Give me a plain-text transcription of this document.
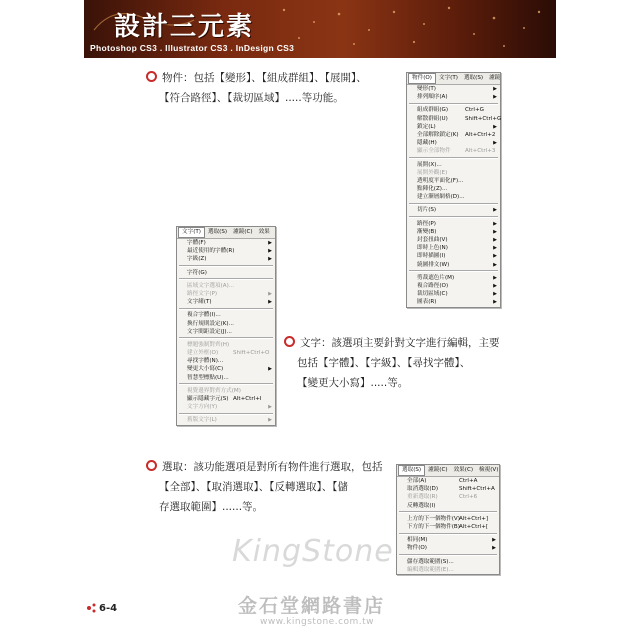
設計三元素
Photoshop CS3 . Illustrator CS3 . InDesign CS3
物件：包括【變形】、【組成群組】、【展開】、
【符合路徑】、【裁切區域】.....等功能。
物件(O)	文字(T)	選取(S)	濾鏡
變形(T)	▶
排列順序(A)	▶
組成群組(G)	Ctrl+G
解散群組(U)	Shift+Ctrl+G
鎖定(L)	▶
全部解除鎖定(K) Alt+Ctrl+2
隱藏(H)	▶
顯示全部物件	Alt+Ctrl+3
展開(X)...
展開外觀(E)
透明度平面化(F)...
點陣化(Z)...
建立漸層網格(D)...
切片(S)	▶
路徑(P)	▶
漸變(B)	▶
封套扭曲(V)	▶
即時上色(N)	▶
即時描圖(I)	▶
繞圖排文(W)	▶
剪裁遮色片(M)	▶
複合路徑(O)	▶
裁切區域(C)	▶
圖表(R)	▶
文字(T)	選取(S)	濾鏡(C)	效果
字體(F)	▶
最近使用的字體(R)	▶
字級(Z)	▶
字符(G)
區域文字選項(A)...
路徑文字(P)	▶
文字緒(T)	▶
複合字體(I)...
換行規則設定(K)...
文字間距設定(J)...
標題強制對齊(H)
建立外框(O)	Shift+Ctrl+O
尋找字體(N)...
變更大小寫(C)	▶
智慧型標點(U)...
視覺邊界對齊方式(M)
顯示隱藏字元(S) Alt+Ctrl+I
文字方向(Y)	▶
舊版文字(L)	▶
文字：該選項主要針對文字進行編輯，主要
包括【字體】、【字級】、【尋找字體】、
【變更大小寫】.....等。
選取：該功能選項是對所有物件進行選取，包括
【全部】、【取消選取】、【反轉選取】、【儲
存選取範圍】......等。
選取(S)	濾鏡(C)	效果(C)	檢視(V)
全部(A)	Ctrl+A
取消選取(D)	Shift+Ctrl+A
重新選取(R)	Ctrl+6
反轉選取(I)
上方的下一個物件(V) Alt+Ctrl+]
下方的下一個物件(B) Alt+Ctrl+[
相同(M)	▶
物件(O)	▶
儲存選取範圍(S)...
編輯選取範圍(E)...
KingStone
金石堂網路書店
www.kingstone.com.tw
6-4
